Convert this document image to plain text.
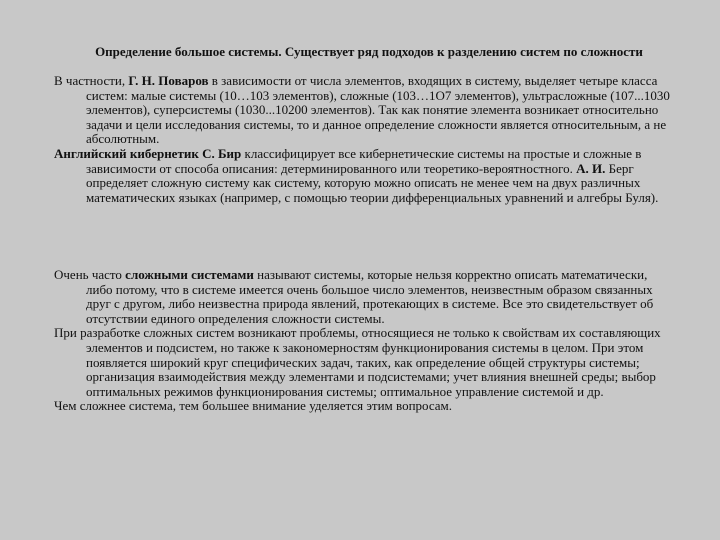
Определение большое системы. Существует ряд подходов к разделению систем по сложности

В частности, Г. Н. Поваров в зависимости от числа элементов, входящих в систему, выделяет четыре класса систем: малые системы (10…103 элементов), сложные (103…1О7 элементов), ультрасложные (107...1030 элементов), суперсистемы (1030...10200 элементов). Так как понятие элемента возникает относительно задачи и цели исследования системы, то и данное определение сложности является относительным, а не абсолютным.

Английский кибернетик С. Бир классифицирует все кибернетические системы на простые и сложные в зависимости от способа описания: детерминированного или теоретико-вероятностного. А. И. Берг определяет сложную систему как систему, которую можно описать не менее чем на двух различных математических языках (например, с помощью теории дифференциальных уравнений и алгебры Буля).

Очень часто сложными системами называют системы, которые нельзя корректно описать математически, либо потому, что в системе имеется очень большое число элементов, неизвестным образом связанных друг с другом, либо неизвестна природа явлений, протекающих в системе. Все это свидетельствует об отсутствии единого определения сложности системы.

При разработке сложных систем возникают проблемы, относящиеся не только к свойствам их составляющих элементов и подсистем, но также к закономерностям функционирования системы в целом. При этом появляется широкий круг специфических задач, таких, как определение общей структуры системы; организация взаимодействия между элементами и подсистемами; учет влияния внешней среды; выбор оптимальных режимов функционирования системы; оптимальное управление системой и др.

Чем сложнее система, тем большее внимание уделяется этим вопросам.
